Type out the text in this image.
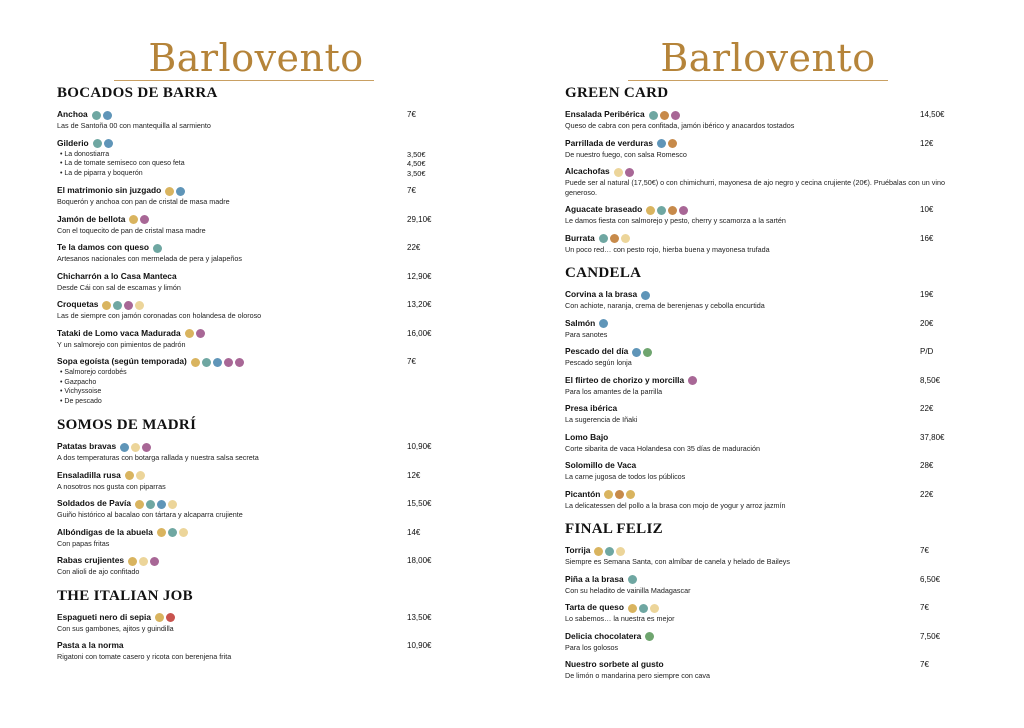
Barlovento
BOCADOS DE BARRA
Anchoa	7€
Las de Santoña 00 con mantequilla al sarmiento
Gilderio
• La donostiarra	3,50€
• La de tomate semiseco con queso feta	4,50€
• La de piparra y boquerón	3,50€
El matrimonio sin juzgado	7€
Boquerón y anchoa con pan de cristal de masa madre
Jamón de bellota	29,10€
Con el toquecito de pan de cristal masa madre
Te la damos con queso	22€
Artesanos nacionales con mermelada de pera y jalapeños
Chicharrón a lo Casa Manteca	12,90€
Desde Cái con sal de escamas y limón
Croquetas	13,20€
Las de siempre con jamón coronadas con holandesa de oloroso
Tataki de Lomo vaca Madurada	16,00€
Y un salmorejo con pimientos de padrón
Sopa egoísta (según temporada)	7€
• Salmorejo cordobés
• Gazpacho
• Vichyssoise
• De pescado
SOMOS DE MADRÍ
Patatas bravas	10,90€
A dos temperaturas con botarga rallada y nuestra salsa secreta
Ensaladilla rusa	12€
A nosotros nos gusta con piparras
Soldados de Pavía	15,50€
Guiño histórico al bacalao con tártara y alcaparra crujiente
Albóndigas de la abuela	14€
Con papas fritas
Rabas crujientes	18,00€
Con alioli de ajo confitado
THE ITALIAN JOB
Espagueti nero di sepia	13,50€
Con sus gambones, ajitos y guindilla
Pasta a la norma	10,90€
Rigatoni con tomate casero y ricota con berenjena frita
Barlovento
GREEN CARD
Ensalada Peribérica	14,50€
Queso de cabra con pera confitada, jamón ibérico y anacardos tostados
Parrillada de verduras	12€
De nuestro fuego, con salsa Romesco
Alcachofas
Puede ser al natural (17,50€) o con chimichurri, mayonesa de ajo negro y cecina crujiente (20€). Pruébalas con un vino generoso.
Aguacate braseado	10€
Le damos fiesta con salmorejo y pesto, cherry y scamorza a la sartén
Burrata	16€
Un poco red… con pesto rojo, hierba buena y mayonesa trufada
CANDELA
Corvina a la brasa	19€
Con achiote, naranja, crema de berenjenas y cebolla encurtida
Salmón	20€
Para sanotes
Pescado del día	P/D
Pescado según lonja
El flirteo de chorizo y morcilla	8,50€
Para los amantes de la parrilla
Presa ibérica	22€
La sugerencia de Iñaki
Lomo Bajo	37,80€
Corte sibarita de vaca Holandesa con 35 días de maduración
Solomillo de Vaca	28€
La carne jugosa de todos los públicos
Picantón	22€
La delicatessen del pollo a la brasa con mojo de yogur y arroz jazmín
FINAL FELIZ
Torrija	7€
Siempre es Semana Santa, con almíbar de canela y helado de Baileys
Piña a la brasa	6,50€
Con su heladito de vainilla Madagascar
Tarta de queso	7€
Lo sabemos… la nuestra es mejor
Delicia chocolatera	7,50€
Para los golosos
Nuestro sorbete al gusto	7€
De limón o mandarina pero siempre con cava
